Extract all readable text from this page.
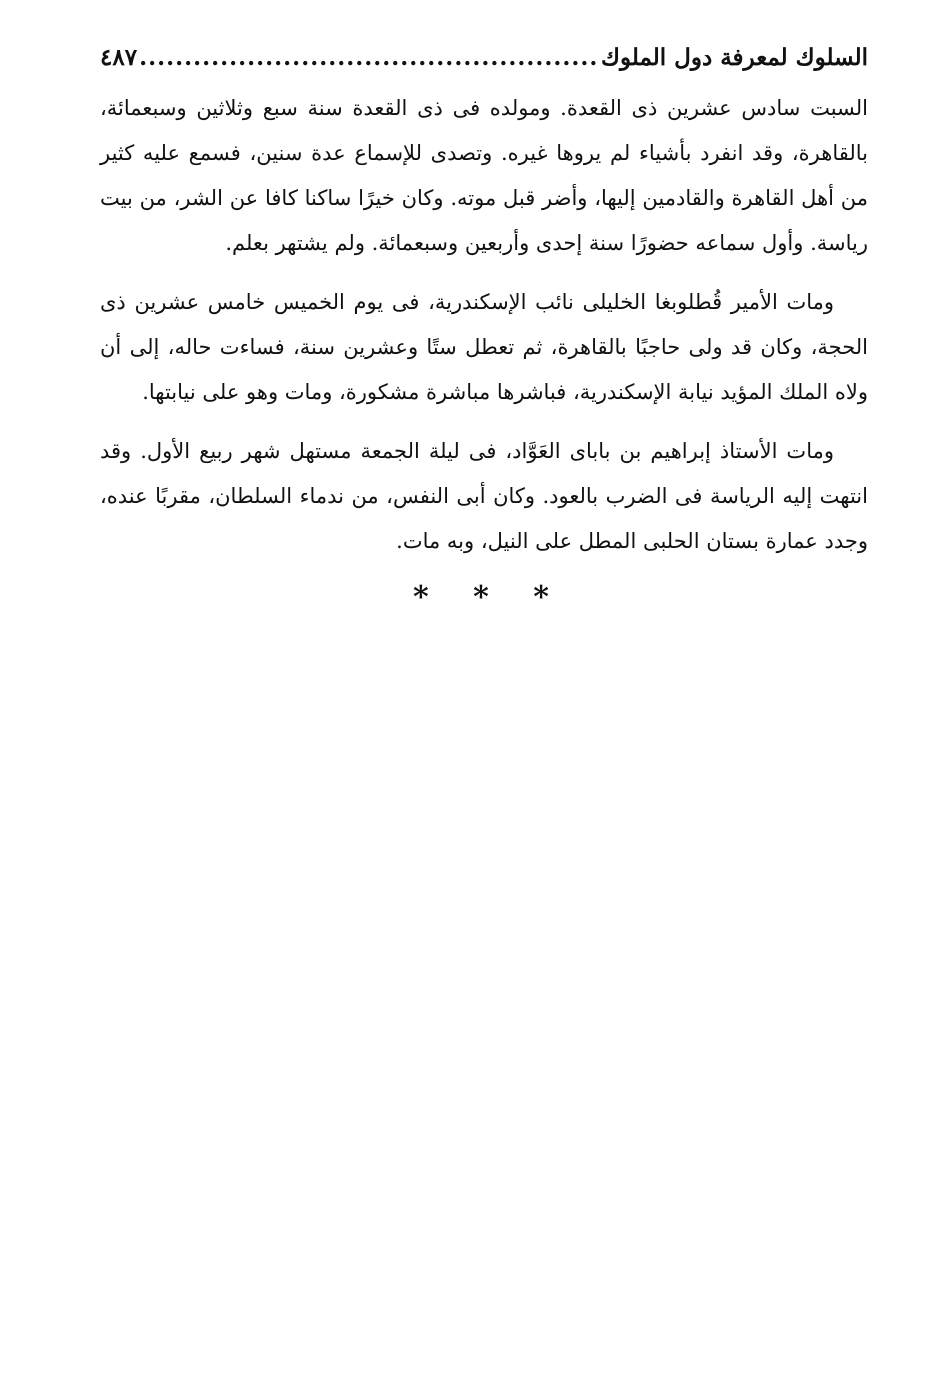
السلوك لمعرفة دول الملوك
.....
٤٨٧

السبت سادس عشرين ذى القعدة. ومولده فى ذى القعدة سنة سبع وثلاثين وسبعمائة، بالقاهرة، وقد انفرد بأشياء لم يروها غيره. وتصدى للإسماع عدة سنين، فسمع عليه كثير من أهل القاهرة والقادمين إليها، وأضر قبل موته. وكان خيرًا ساكنا كافا عن الشر، من بيت رياسة. وأول سماعه حضورًا سنة إحدى وأربعين وسبعمائة. ولم يشتهر بعلم.

ومات الأمير قُطلوبغا الخليلى نائب الإسكندرية، فى يوم الخميس خامس عشرين ذى الحجة، وكان قد ولى حاجبًا بالقاهرة، ثم تعطل ستًا وعشرين سنة، فساءت حاله، إلى أن ولاه الملك المؤيد نيابة الإسكندرية، فباشرها مباشرة مشكورة، ومات وهو على نيابتها.

ومات الأستاذ إبراهيم بن باباى العَوَّاد، فى ليلة الجمعة مستهل شهر ربيع الأول. وقد انتهت إليه الرياسة فى الضرب بالعود. وكان أبى النفس، من ندماء السلطان، مقربًا عنده، وجدد عمارة بستان الحلبى المطل على النيل، وبه مات.

* * *
